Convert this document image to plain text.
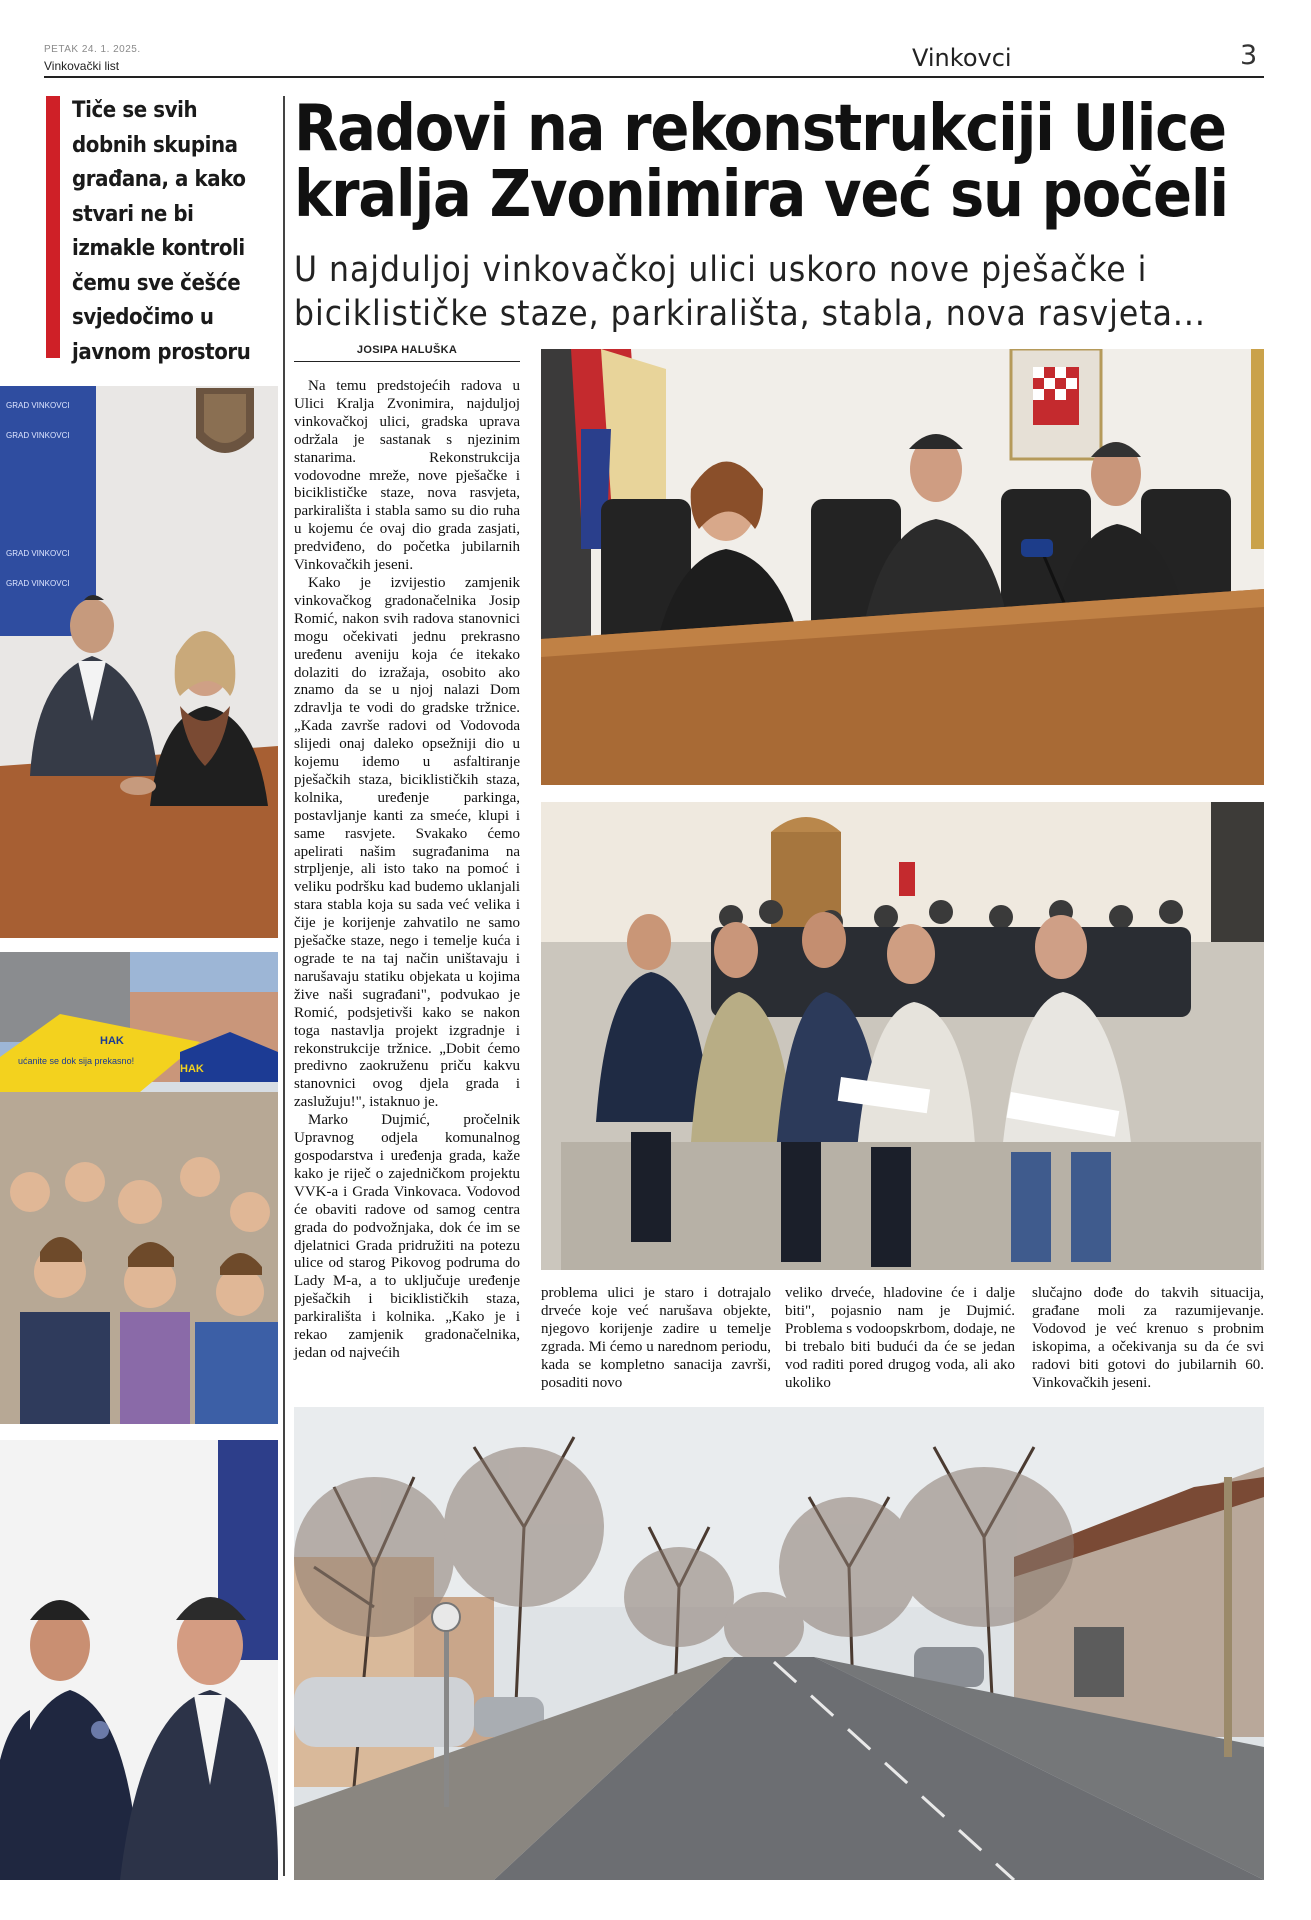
PETAK 24. 1. 2025.
Vinkovački list	Vinkovci	3
Tiče se svih dobnih skupina građana, a kako stvari ne bi izmakle kontroli čemu sve češće svjedočimo u javnom prostoru
GRAD VINKOVCI
GRAD VINKOVCI
GRAD VINKOVCI
GRAD VINKOVCI
ućanite se dok sija prekasno!
HAK
HAK
Radovi na rekonstrukciji Ulice kralja Zvonimira već su počeli
U najduljoj vinkovačkoj ulici uskoro nove pješačke i biciklističke staze, parkirališta, stabla, nova rasvjeta...
JOSIPA HALUŠKA

Na temu predstojećih radova u Ulici Kralja Zvonimira, najduljoj vinkovačkoj ulici, gradska uprava održala je sastanak s njezinim stanarima. Rekonstrukcija vodovodne mreže, nove pješačke i biciklističke staze, nova rasvjeta, parkirališta i stabla samo su dio ruha u kojemu će ovaj dio grada zasjati, predviđeno, do početka jubilarnih Vinkovačkih jeseni.

Kako je izvijestio zamjenik vinkovačkog gradonačelnika Josip Romić, nakon svih radova stanovnici mogu očekivati jednu prekrasno uređenu aveniju koja će itekako dolaziti do izražaja, osobito ako znamo da se u njoj nalazi Dom zdravlja te vodi do gradske tržnice. „Kada završe radovi od Vodovoda slijedi onaj daleko opsežniji dio u kojemu idemo u asfaltiranje pješačkih staza, biciklističkih staza, kolnika, uređenje parkinga, postavljanje kanti za smeće, klupi i same rasvjete. Svakako ćemo apelirati našim sugrađanima na strpljenje, ali isto tako na pomoć i veliku podršku kad budemo uklanjali stara stabla koja su sada već velika i čije je korijenje zahvatilo ne samo pješačke staze, nego i temelje kuća i ograde te na taj način uništavaju i narušavaju statiku objekata u kojima žive naši sugrađani", podvukao je Romić, podsjetivši kako se nakon toga nastavlja projekt izgradnje i rekonstrukcije tržnice. „Dobit ćemo predivno zaokruženu priču kakvu stanovnici ovog djela grada i zaslužuju!", istaknuo je.

Marko Dujmić, pročelnik Upravnog odjela komunalnog gospodarstva i uređenja grada, kaže kako je riječ o zajedničkom projektu VVK-a i Grada Vinkovaca. Vodovod će obaviti radove od samog centra grada do podvožnjaka, dok će im se djelatnici Grada pridružiti na potezu ulice od starog Pikovog podruma do Lady M-a, a to uključuje uređenje pješačkih i biciklističkih staza, parkirališta i kolnika. „Kako je i rekao zamjenik gradonačelnika, jedan od najvećih

problema ulici je staro i dotrajalo drveće koje već narušava objekte, njegovo korijenje zadire u temelje zgrada. Mi ćemo u narednom periodu, kada se kompletno sanacija završi, posaditi novo
veliko drveće, hladovine će i dalje biti", pojasnio nam je Dujmić. Problema s vodoopskrbom, dodaje, ne bi trebalo biti budući da će se jedan vod raditi pored drugog voda, ali ako ukoliko
slučajno dođe do takvih situacija, građane moli za razumijevanje. Vodovod je već krenuo s probnim iskopima, a očekivanja su da će svi radovi biti gotovi do jubilarnih 60. Vinkovačkih jeseni.
